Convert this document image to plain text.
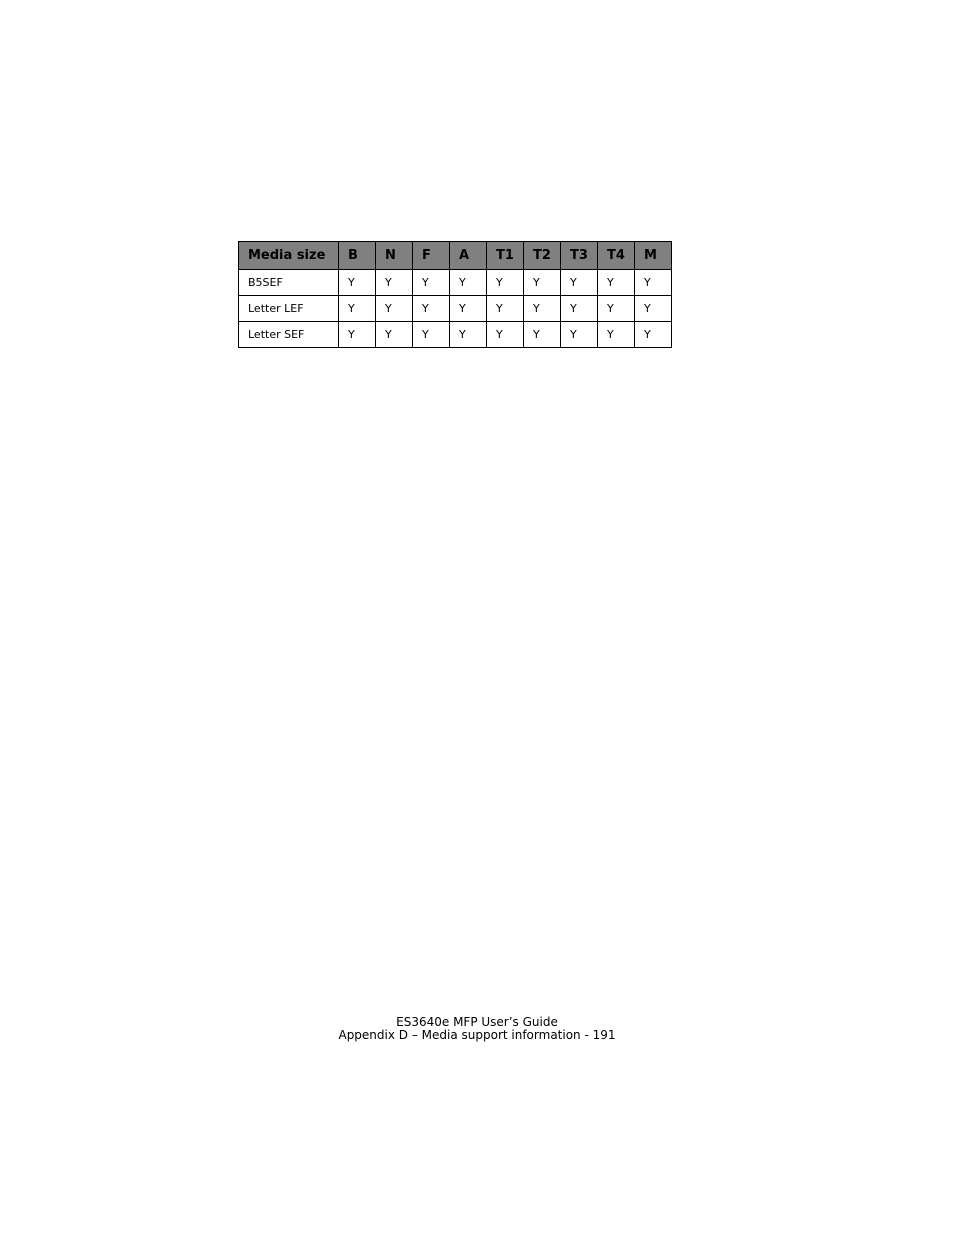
Media size	B	N	F	A	T1	T2	T3	T4	M
B5SEF	Y	Y	Y	Y	Y	Y	Y	Y	Y
Letter LEF	Y	Y	Y	Y	Y	Y	Y	Y	Y
Letter SEF	Y	Y	Y	Y	Y	Y	Y	Y	Y
ES3640e MFP User’s Guide
Appendix D – Media support information - 191
